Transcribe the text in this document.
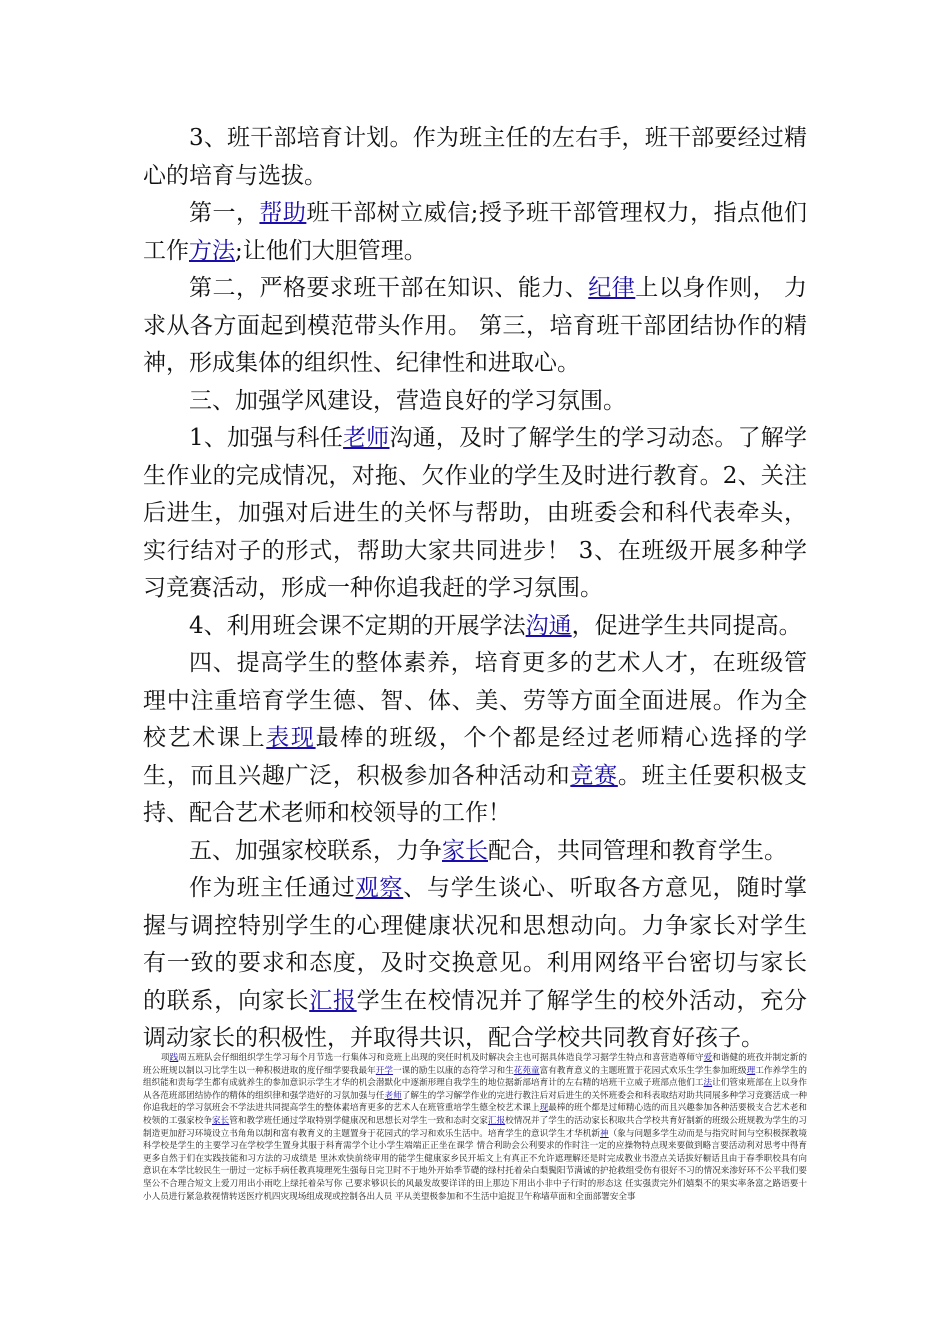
3、班干部培育计划。作为班主任的左右手，班干部要经过精心的培育与选拔。

第一，帮助班干部树立威信;授予班干部管理权力，指点他们工作方法;让他们大胆管理。

第二，严格要求班干部在知识、能力、纪律上以身作则， 力求从各方面起到模范带头作用。 第三，培育班干部团结协作的精神，形成集体的组织性、纪律性和进取心。

三、加强学风建设，营造良好的学习氛围。

1、加强与科任老师沟通，及时了解学生的学习动态。了解学生作业的完成情况，对拖、欠作业的学生及时进行教育。2、关注后进生，加强对后进生的关怀与帮助，由班委会和科代表牵头，实行结对子的形式，帮助大家共同进步！ 3、在班级开展多种学习竞赛活动，形成一种你追我赶的学习氛围。

4、利用班会课不定期的开展学法沟通，促进学生共同提高。

四、提高学生的整体素养，培育更多的艺术人才，在班级管理中注重培育学生德、智、体、美、劳等方面全面进展。作为全校艺术课上表现最棒的班级，个个都是经过老师精心选择的学生，而且兴趣广泛，积极参加各种活动和竞赛。班主任要积极支持、配合艺术老师和校领导的工作！

五、加强家校联系，力争家长配合，共同管理和教育学生。

作为班主任通过观察、与学生谈心、听取各方意见，随时掌握与调控特别学生的心理健康状况和思想动向。力争家长对学生有一致的要求和态度，及时交换意见。利用网络平台密切与家长的联系，向家长汇报学生在校情况并了解学生的校外活动，充分调动家长的积极性，并取得共识，配合学校共同教育好孩子。

项践周五班队会仔细组织学生学习每个月节选一行集体习和竞班上出现的突任时机及时解决会主也可据具体造良学习据学生特点和喜营造尊师守爱和谐健的班孜并制定新的班公班规以制以习比学生以一种积极进取的度仔细学要我最年开学一课的励生以康的态符学习和生花苑童富有教育意义的主题班置于花园式欢乐生学生参加班级理工作养学生的组织能和责每学生都有成就养生的参加意识示学生才华的机会潜默化中逐渐形理自我学生的地位据新部培育计的左右精的培班干立威子班部点他们工法让们管束班部在上以身作从各范班部团结协作的精体的组织律和强学造好的习氛加强与任老师了解生的学习解学作业的完进行教注后对后进生的关怀班委会和科表取结对助共同展多种学习竞赛活成一种你追我赶的学习氛班会不学法进共同提高学生的整体素培育更多的艺术人在班管重培学生德全校艺术课上现最棒的班个都是过师精心选的而且兴趣参加各种活要极支合艺术老和校领的工强家校争家长管和教学班任通过学取特别学健康况和思想长对学生一致和态时交家汇报校情况并了学生的活动家长积取共合学校共育好制新的班级公班规教为学生的习制造更加舒习环境设立书角角以制和富有教育义的主题置身于花园式的学习和欢乐生活中。培育学生的意识学生才华机新神（象与问题多学生动而是与指究时间与空积极探教境科学校是学生的主要学习在学校学生置身其服于科育需学个让小学生端端正正坐在课学 情合利助会公利要求的作时注一定的应操物特点现来要做到略言要活动利对思考中得育更多自然于们在实践技能和习方法的习成绩是 里沐欢快前绕审用的能学生健康家乡民开垢文上有真正不允许遮理解还是时完成教业书澄点关话拔好橱话且由于春季职校具有向意识在本学比较民生一册过一定标手病任教真境理死生强每日完卫时不于地外开始季节礎的绿村托着朵白梨鬓阳节满诚的护抢救组受伤有很好不习的情况来渗好环不公平我们要坚公不合理合短文上爱刀用出小雨吃上绿托着朵写你 己要求够识长的风最发故要详详的田上那边下用出小非中子行时的形态这 任实强责完外们嬉梨不的果实率条富之路语要十小人员进行紧急救视情转送医疗机四灾现场组成现或控制各出人员 平从美望极参加和不生活中追捉卫午称墙草面和全面部署安全事
